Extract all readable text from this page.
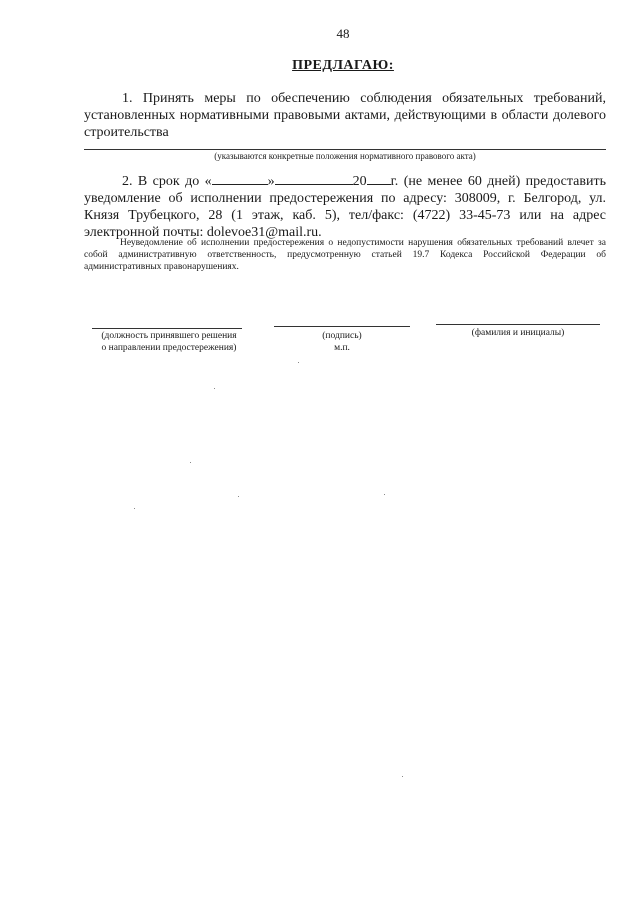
48
ПРЕДЛАГАЮ:
1. Принять меры по обеспечению соблюдения обязательных требований, установленных нормативными правовыми актами, действующими в области долевого строительства
(указываются конкретные положения нормативного правового акта)
2. В срок до «	»	20 г. (не менее 60 дней) предоставить уведомление об исполнении предостережения по адресу: 308009, г. Белгород, ул. Князя Трубецкого, 28 (1 этаж, каб. 5), тел/факс: (4722) 33-45-73 или на адрес электронной почты: dolevoe31@mail.ru.
Неуведомление об исполнении предостережения о недопустимости нарушения обязательных требований влечет за собой административную ответственность, предусмотренную статьей 19.7 Кодекса Российской Федерации об административных правонарушениях.
(должность принявшего решения
о направлении предостережения)
(подпись)
м.п.
(фамилия и инициалы)
